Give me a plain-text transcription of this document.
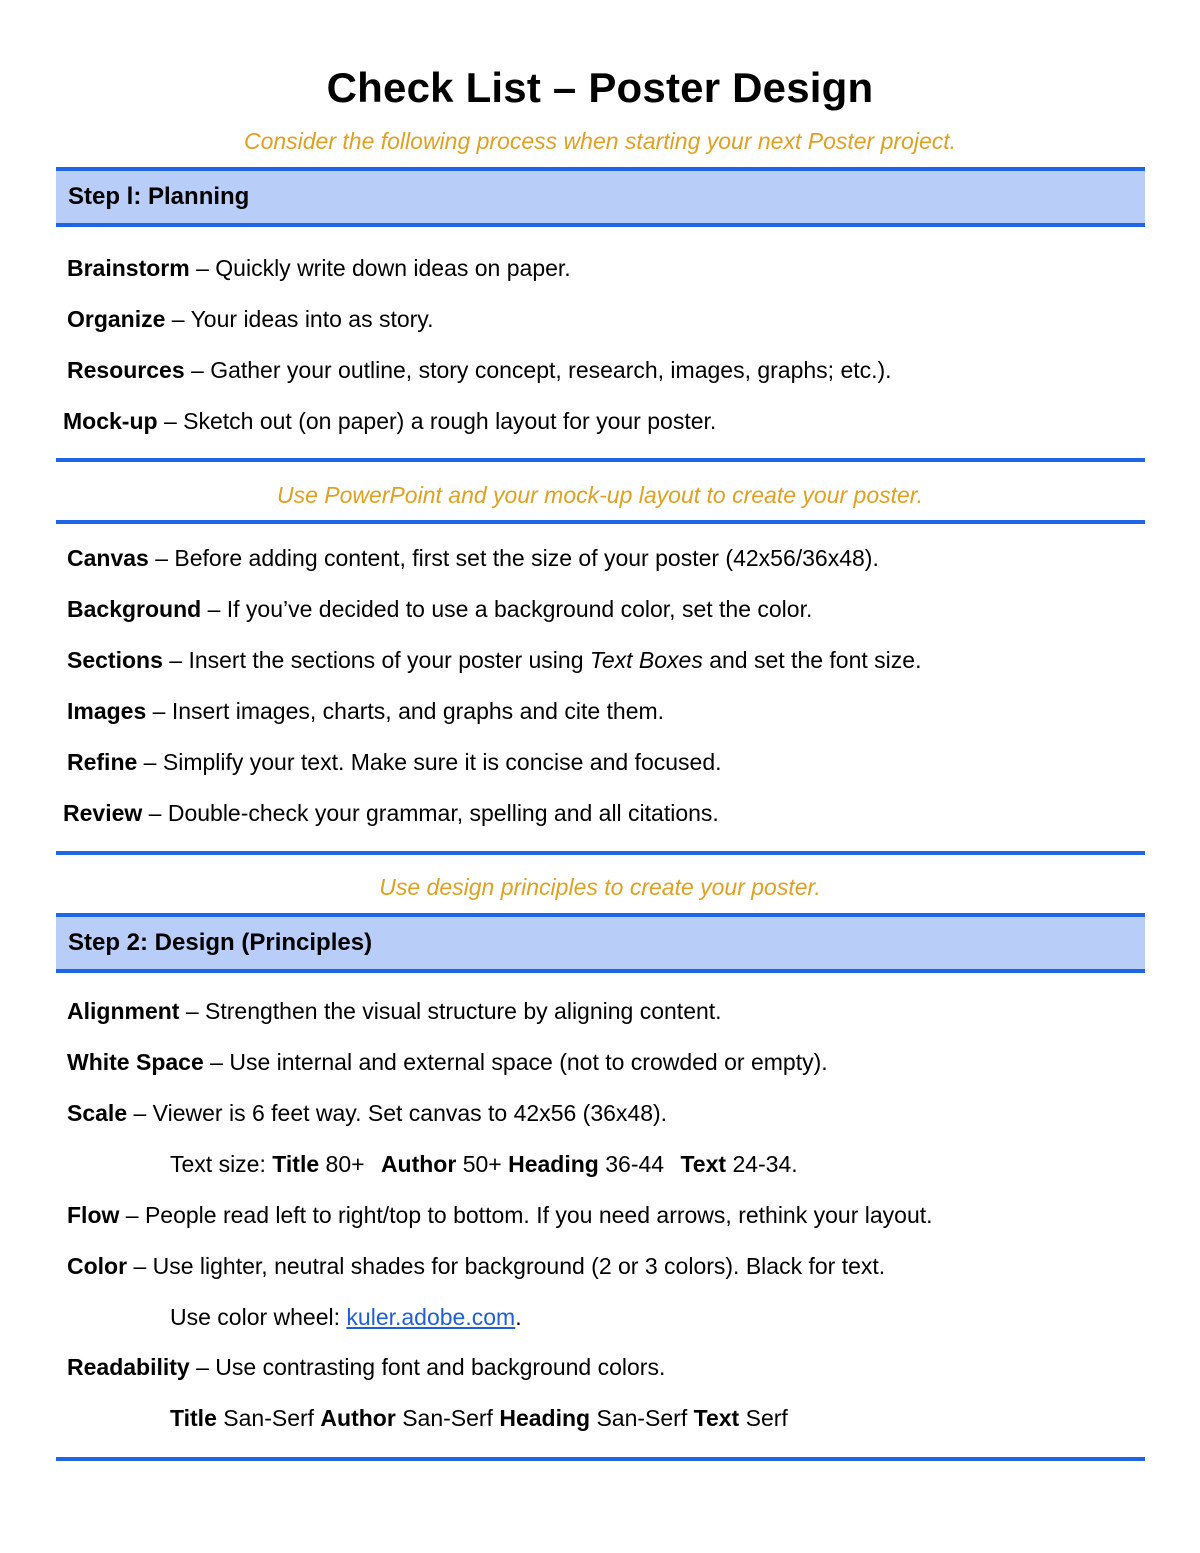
Check List – Poster Design
Consider the following process when starting your next Poster project.
Step l: Planning
Brainstorm – Quickly write down ideas on paper.
Organize – Your ideas into as story.
Resources – Gather your outline, story concept, research, images, graphs; etc.).
Mock-up – Sketch out (on paper) a rough layout for your poster.
Use PowerPoint and your mock-up layout to create your poster.
Canvas – Before adding content, first set the size of your poster (42x56/36x48).
Background – If you’ve decided to use a background color, set the color.
Sections – Insert the sections of your poster using Text Boxes and set the font size.
Images – Insert images, charts, and graphs and cite them.
Refine – Simplify your text. Make sure it is concise and focused.
Review – Double-check your grammar, spelling and all citations.
Use design principles to create your poster.
Step 2: Design (Principles)
Alignment – Strengthen the visual structure by aligning content.
White Space – Use internal and external space (not to crowded or empty).
Scale – Viewer is 6 feet way. Set canvas to 42x56 (36x48).
Text size: Title 80+ Author 50+ Heading 36-44 Text 24-34.
Flow – People read left to right/top to bottom. If you need arrows, rethink your layout.
Color – Use lighter, neutral shades for background (2 or 3 colors). Black for text.
Use color wheel: kuler.adobe.com.
Readability – Use contrasting font and background colors.
Title San-Serf Author San-Serf Heading San-Serf Text Serf
